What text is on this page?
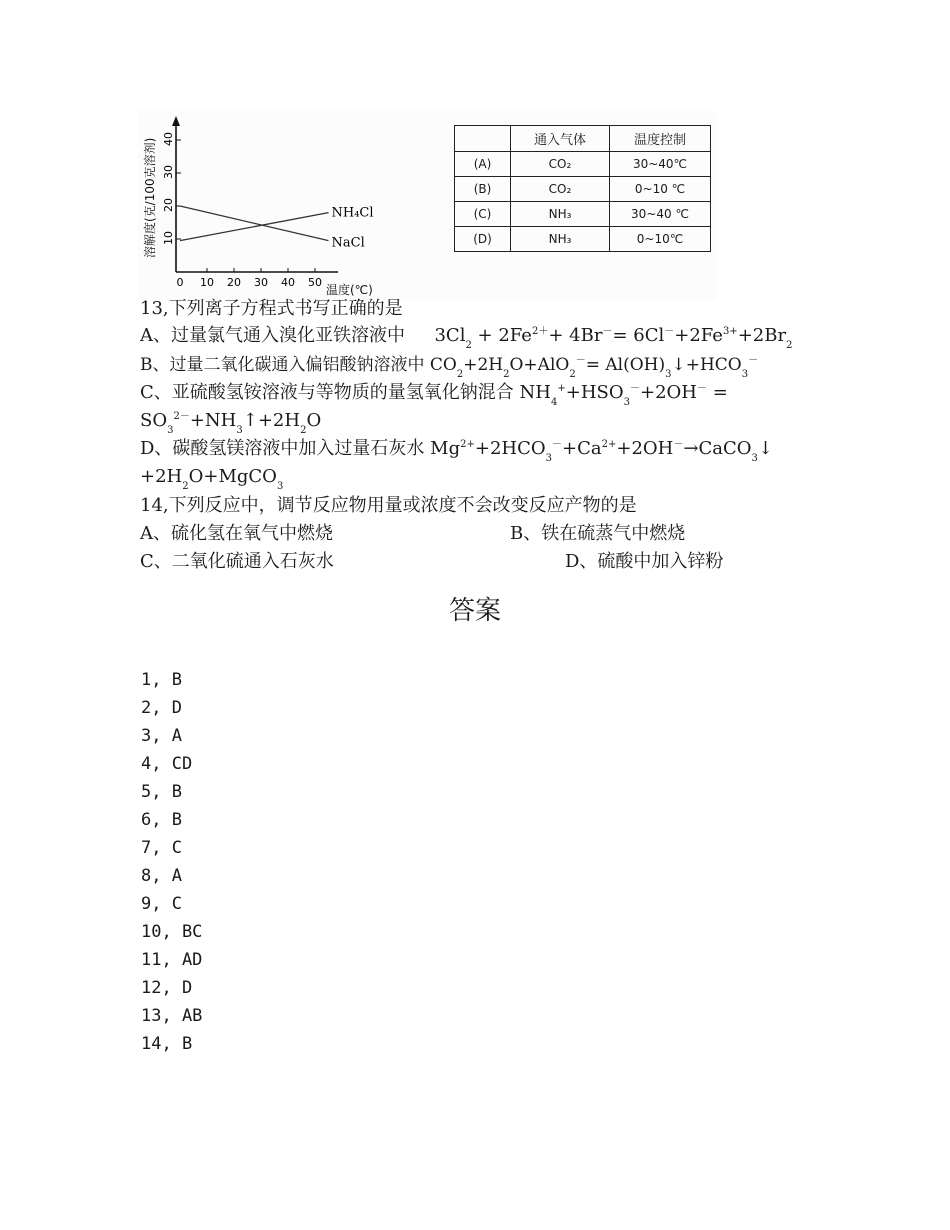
溶解度(克/100克溶剂)
温度(℃)
0 10 20 30 40 50
10
20
30
40
NH₄Cl
NaCl
	通入气体	温度控制
(A)	CO₂	30~40℃
(B)	CO₂	0~10 ℃
(C)	NH₃	30~40 ℃
(D)	NH₃	0~10℃
13,下列离子方程式书写正确的是
A、过量氯气通入溴化亚铁溶液中 $3Cl_2 + 2Fe^{2+}+ 4Br^-= 6Cl^-+2Fe^{3+}+2Br_2$
B、过量二氧化碳通入偏铝酸钠溶液中 $CO_2+2H_2O+AlO_2^-=$ $Al(OH)_3↓+HCO_3^-$
C、亚硫酸氢铵溶液与等物质的量氢氧化钠混合 $NH_4^++HSO_3^-+2OH^-$ =
$SO_3^{2-}+NH_3↑+2H_2O$
D、碳酸氢镁溶液中加入过量石灰水 $Mg^{2+}+2HCO_3^-+Ca^{2+}+2OH^-\to CaCO_3↓$
$+2H_2O+MgCO_3$
14,下列反应中，调节反应物用量或浓度不会改变反应产物的是
A、硫化氢在氧气中燃烧	B、铁在硫蒸气中燃烧
C、二氧化硫通入石灰水	D、硫酸中加入锌粉
答案
1, B
2, D
3, A
4, CD
5, B
6, B
7, C
8, A
9, C
10, BC
11, AD
12, D
13, AB
14, B
